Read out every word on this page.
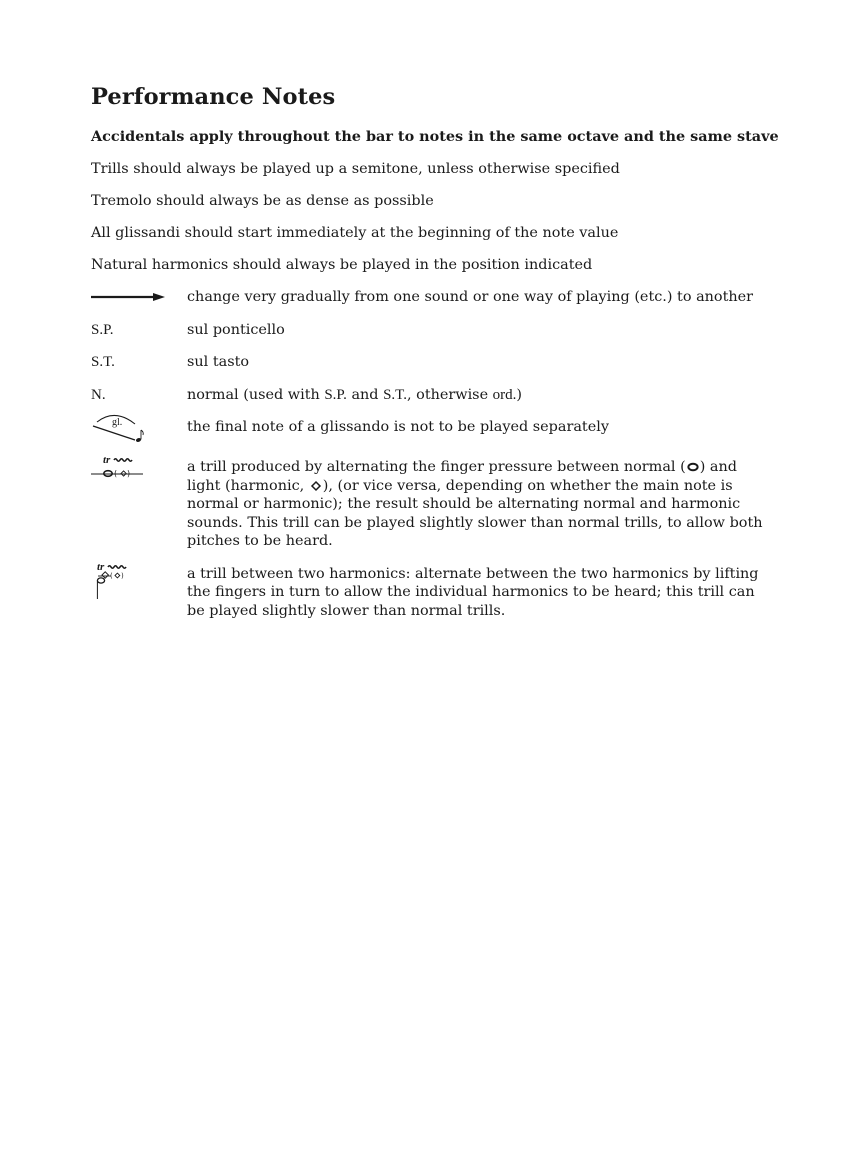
Performance Notes

Accidentals apply throughout the bar to notes in the same octave and the same stave

Trills should always be played up a semitone, unless otherwise specified

Tremolo should always be as dense as possible

All glissandi should start immediately at the beginning of the note value

Natural harmonics should always be played in the position indicated

change very gradually from one sound or one way of playing (etc.) to another
S.P.	sul ponticello
S.T.	sul tasto
N.	normal (used with S.P. and S.T., otherwise ord.)
gl.	the final note of a glissando is not to be played separately
tr
( )	a trill produced by alternating the finger pressure between normal ( ) and light (harmonic,
), (or vice versa, depending on whether the main note is normal or harmonic); the result should be alternating normal and harmonic sounds. This trill can be played slightly slower than normal trills, to allow both pitches to be heard.
tr
( )	a trill between two harmonics: alternate between the two harmonics by lifting the fingers in turn to allow the individual harmonics to be heard; this trill can be played slightly slower than normal trills.
